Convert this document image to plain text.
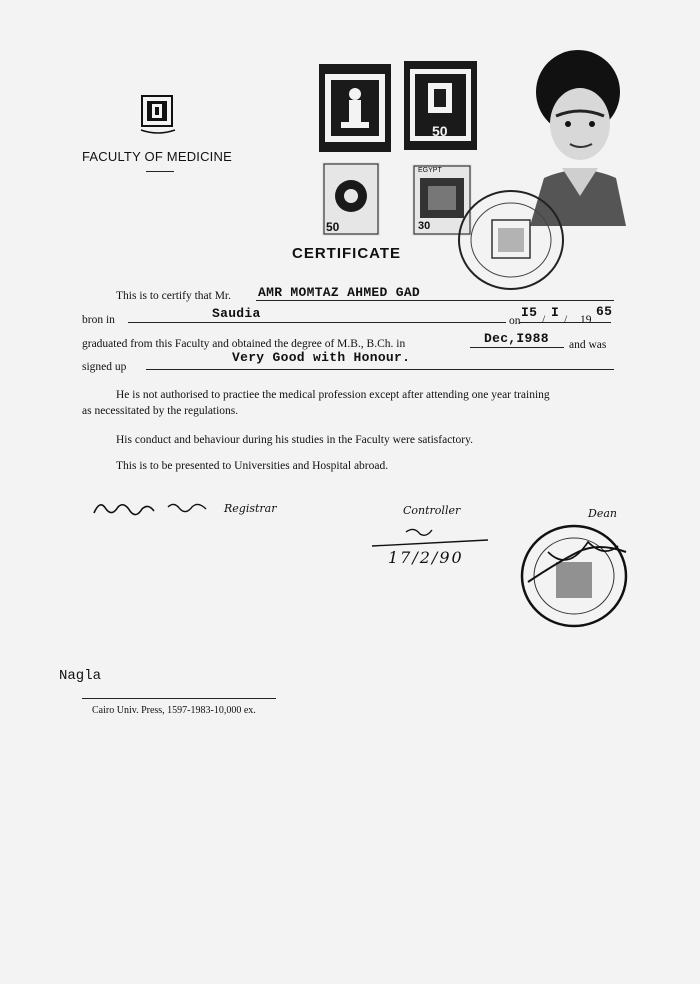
FACULTY OF MEDICINE
50
50
EGYPT
30
CERTIFICATE
This is to certify that Mr. AMR MOMTAZ AHMED GAD
bron in	Saudia	on
I5 / I / 19
65
graduated from this Faculty and obtained the degree of M.B., B.Ch. in	Dec,I988 and was
signed up
Very Good with Honour.
He is not authorised to practiee the medical profession except after attending one year training
as necessitated by the regulations.
His conduct and behaviour during his studies in the Faculty were satisfactory.
This is to be presented to Universities and Hospital abroad.
Registrar	Controller
17/2/90
Dean
Nagla
Cairo Univ. Press, 1597-1983-10,000 ex.
